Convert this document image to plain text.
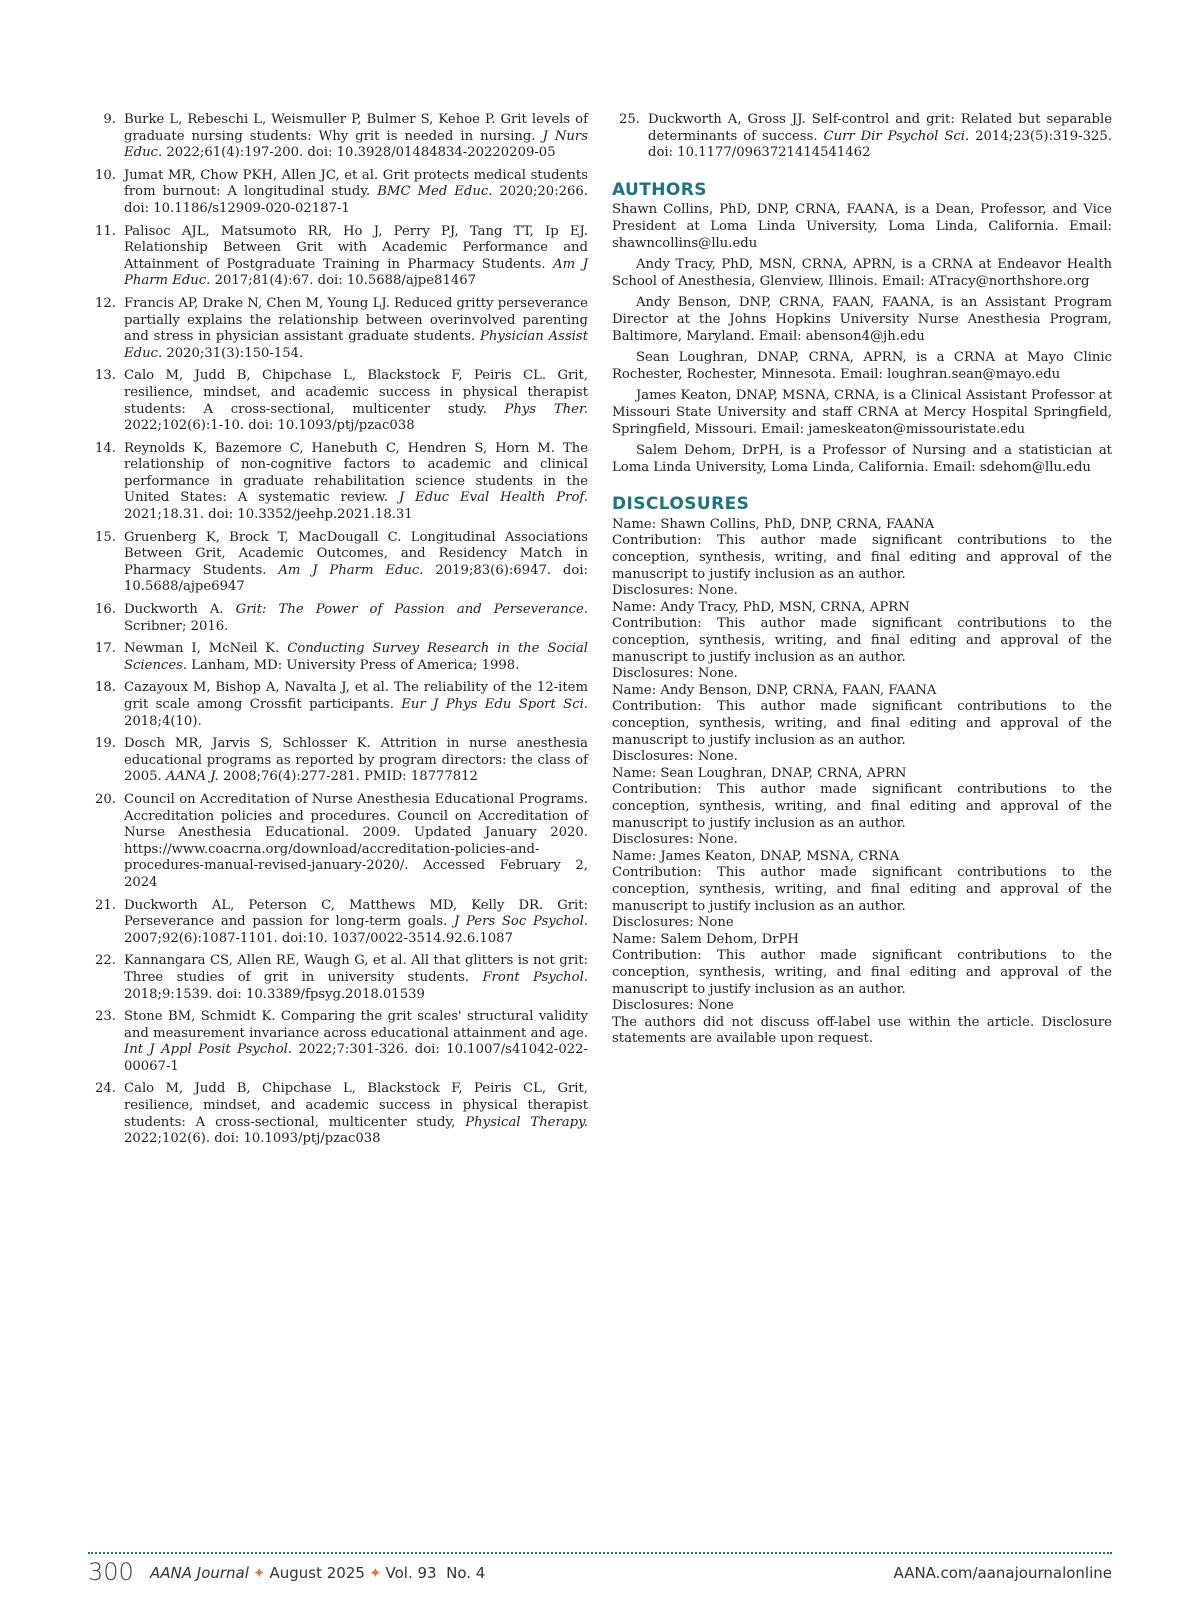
9. Burke L, Rebeschi L, Weismuller P, Bulmer S, Kehoe P. Grit levels of graduate nursing students: Why grit is needed in nursing. J Nurs Educ. 2022;61(4):197-200. doi: 10.3928/01484834-20220209-05
10. Jumat MR, Chow PKH, Allen JC, et al. Grit protects medical students from burnout: A longitudinal study. BMC Med Educ. 2020;20:266. doi: 10.1186/s12909-020-02187-1
11. Palisoc AJL, Matsumoto RR, Ho J, Perry PJ, Tang TT, Ip EJ. Relationship Between Grit with Academic Performance and Attainment of Postgraduate Training in Pharmacy Students. Am J Pharm Educ. 2017;81(4):67. doi: 10.5688/ajpe81467
12. Francis AP, Drake N, Chen M, Young LJ. Reduced gritty perseverance partially explains the relationship between overinvolved parenting and stress in physician assistant graduate students. Physician Assist Educ. 2020;31(3):150-154.
13. Calo M, Judd B, Chipchase L, Blackstock F, Peiris CL. Grit, resilience, mindset, and academic success in physical therapist students: A cross-sectional, multicenter study. Phys Ther. 2022;102(6):1-10. doi: 10.1093/ptj/pzac038
14. Reynolds K, Bazemore C, Hanebuth C, Hendren S, Horn M. The relationship of non-cognitive factors to academic and clinical performance in graduate rehabilitation science students in the United States: A systematic review. J Educ Eval Health Prof. 2021;18.31. doi: 10.3352/jeehp.2021.18.31
15. Gruenberg K, Brock T, MacDougall C. Longitudinal Associations Between Grit, Academic Outcomes, and Residency Match in Pharmacy Students. Am J Pharm Educ. 2019;83(6):6947. doi: 10.5688/ajpe6947
16. Duckworth A. Grit: The Power of Passion and Perseverance. Scribner; 2016.
17. Newman I, McNeil K. Conducting Survey Research in the Social Sciences. Lanham, MD: University Press of America; 1998.
18. Cazayoux M, Bishop A, Navalta J, et al. The reliability of the 12-item grit scale among Crossfit participants. Eur J Phys Edu Sport Sci. 2018;4(10).
19. Dosch MR, Jarvis S, Schlosser K. Attrition in nurse anesthesia educational programs as reported by program directors: the class of 2005. AANA J. 2008;76(4):277-281. PMID: 18777812
20. Council on Accreditation of Nurse Anesthesia Educational Programs. Accreditation policies and procedures. Council on Accreditation of Nurse Anesthesia Educational. 2009. Updated January 2020. https://www.coacrna.org/download/accreditation-policies-and-procedures-manual-revised-january-2020/. Accessed February 2, 2024
21. Duckworth AL, Peterson C, Matthews MD, Kelly DR. Grit: Perseverance and passion for long-term goals. J Pers Soc Psychol. 2007;92(6):1087-1101. doi:10. 1037/0022-3514.92.6.1087
22. Kannangara CS, Allen RE, Waugh G, et al. All that glitters is not grit: Three studies of grit in university students. Front Psychol. 2018;9:1539. doi: 10.3389/fpsyg.2018.01539
23. Stone BM, Schmidt K. Comparing the grit scales' structural validity and measurement invariance across educational attainment and age. Int J Appl Posit Psychol. 2022;7:301-326. doi: 10.1007/s41042-022-00067-1
24. Calo M, Judd B, Chipchase L, Blackstock F, Peiris CL, Grit, resilience, mindset, and academic success in physical therapist students: A cross-sectional, multicenter study, Physical Therapy. 2022;102(6). doi: 10.1093/ptj/pzac038
25. Duckworth A, Gross JJ. Self-control and grit: Related but separable determinants of success. Curr Dir Psychol Sci. 2014;23(5):319-325. doi: 10.1177/0963721414541462
AUTHORS

Shawn Collins, PhD, DNP, CRNA, FAANA, is a Dean, Professor, and Vice President at Loma Linda University, Loma Linda, California. Email: shawncollins@llu.edu

Andy Tracy, PhD, MSN, CRNA, APRN, is a CRNA at Endeavor Health School of Anesthesia, Glenview, Illinois. Email: ATracy@northshore.org

Andy Benson, DNP, CRNA, FAAN, FAANA, is an Assistant Program Director at the Johns Hopkins University Nurse Anesthesia Program, Baltimore, Maryland. Email: abenson4@jh.edu

Sean Loughran, DNAP, CRNA, APRN, is a CRNA at Mayo Clinic Rochester, Rochester, Minnesota. Email: loughran.sean@mayo.edu

James Keaton, DNAP, MSNA, CRNA, is a Clinical Assistant Professor at Missouri State University and staff CRNA at Mercy Hospital Springfield, Springfield, Missouri. Email: jameskeaton@missouristate.edu

Salem Dehom, DrPH, is a Professor of Nursing and a statistician at Loma Linda University, Loma Linda, California. Email: sdehom@llu.edu

DISCLOSURES

Name: Shawn Collins, PhD, DNP, CRNA, FAANA

Contribution: This author made significant contributions to the conception, synthesis, writing, and final editing and approval of the manuscript to justify inclusion as an author.

Disclosures: None.

Name: Andy Tracy, PhD, MSN, CRNA, APRN

Contribution: This author made significant contributions to the conception, synthesis, writing, and final editing and approval of the manuscript to justify inclusion as an author.

Disclosures: None.

Name: Andy Benson, DNP, CRNA, FAAN, FAANA

Contribution: This author made significant contributions to the conception, synthesis, writing, and final editing and approval of the manuscript to justify inclusion as an author.

Disclosures: None.

Name: Sean Loughran, DNAP, CRNA, APRN

Contribution: This author made significant contributions to the conception, synthesis, writing, and final editing and approval of the manuscript to justify inclusion as an author.

Disclosures: None.

Name: James Keaton, DNAP, MSNA, CRNA

Contribution: This author made significant contributions to the conception, synthesis, writing, and final editing and approval of the manuscript to justify inclusion as an author.

Disclosures: None

Name: Salem Dehom, DrPH

Contribution: This author made significant contributions to the conception, synthesis, writing, and final editing and approval of the manuscript to justify inclusion as an author.

Disclosures: None

The authors did not discuss off-label use within the article. Disclosure statements are available upon request.

300 AANA Journal ✦ August 2025 ✦ Vol. 93  No. 4	AANA.com/aanajournalonline
